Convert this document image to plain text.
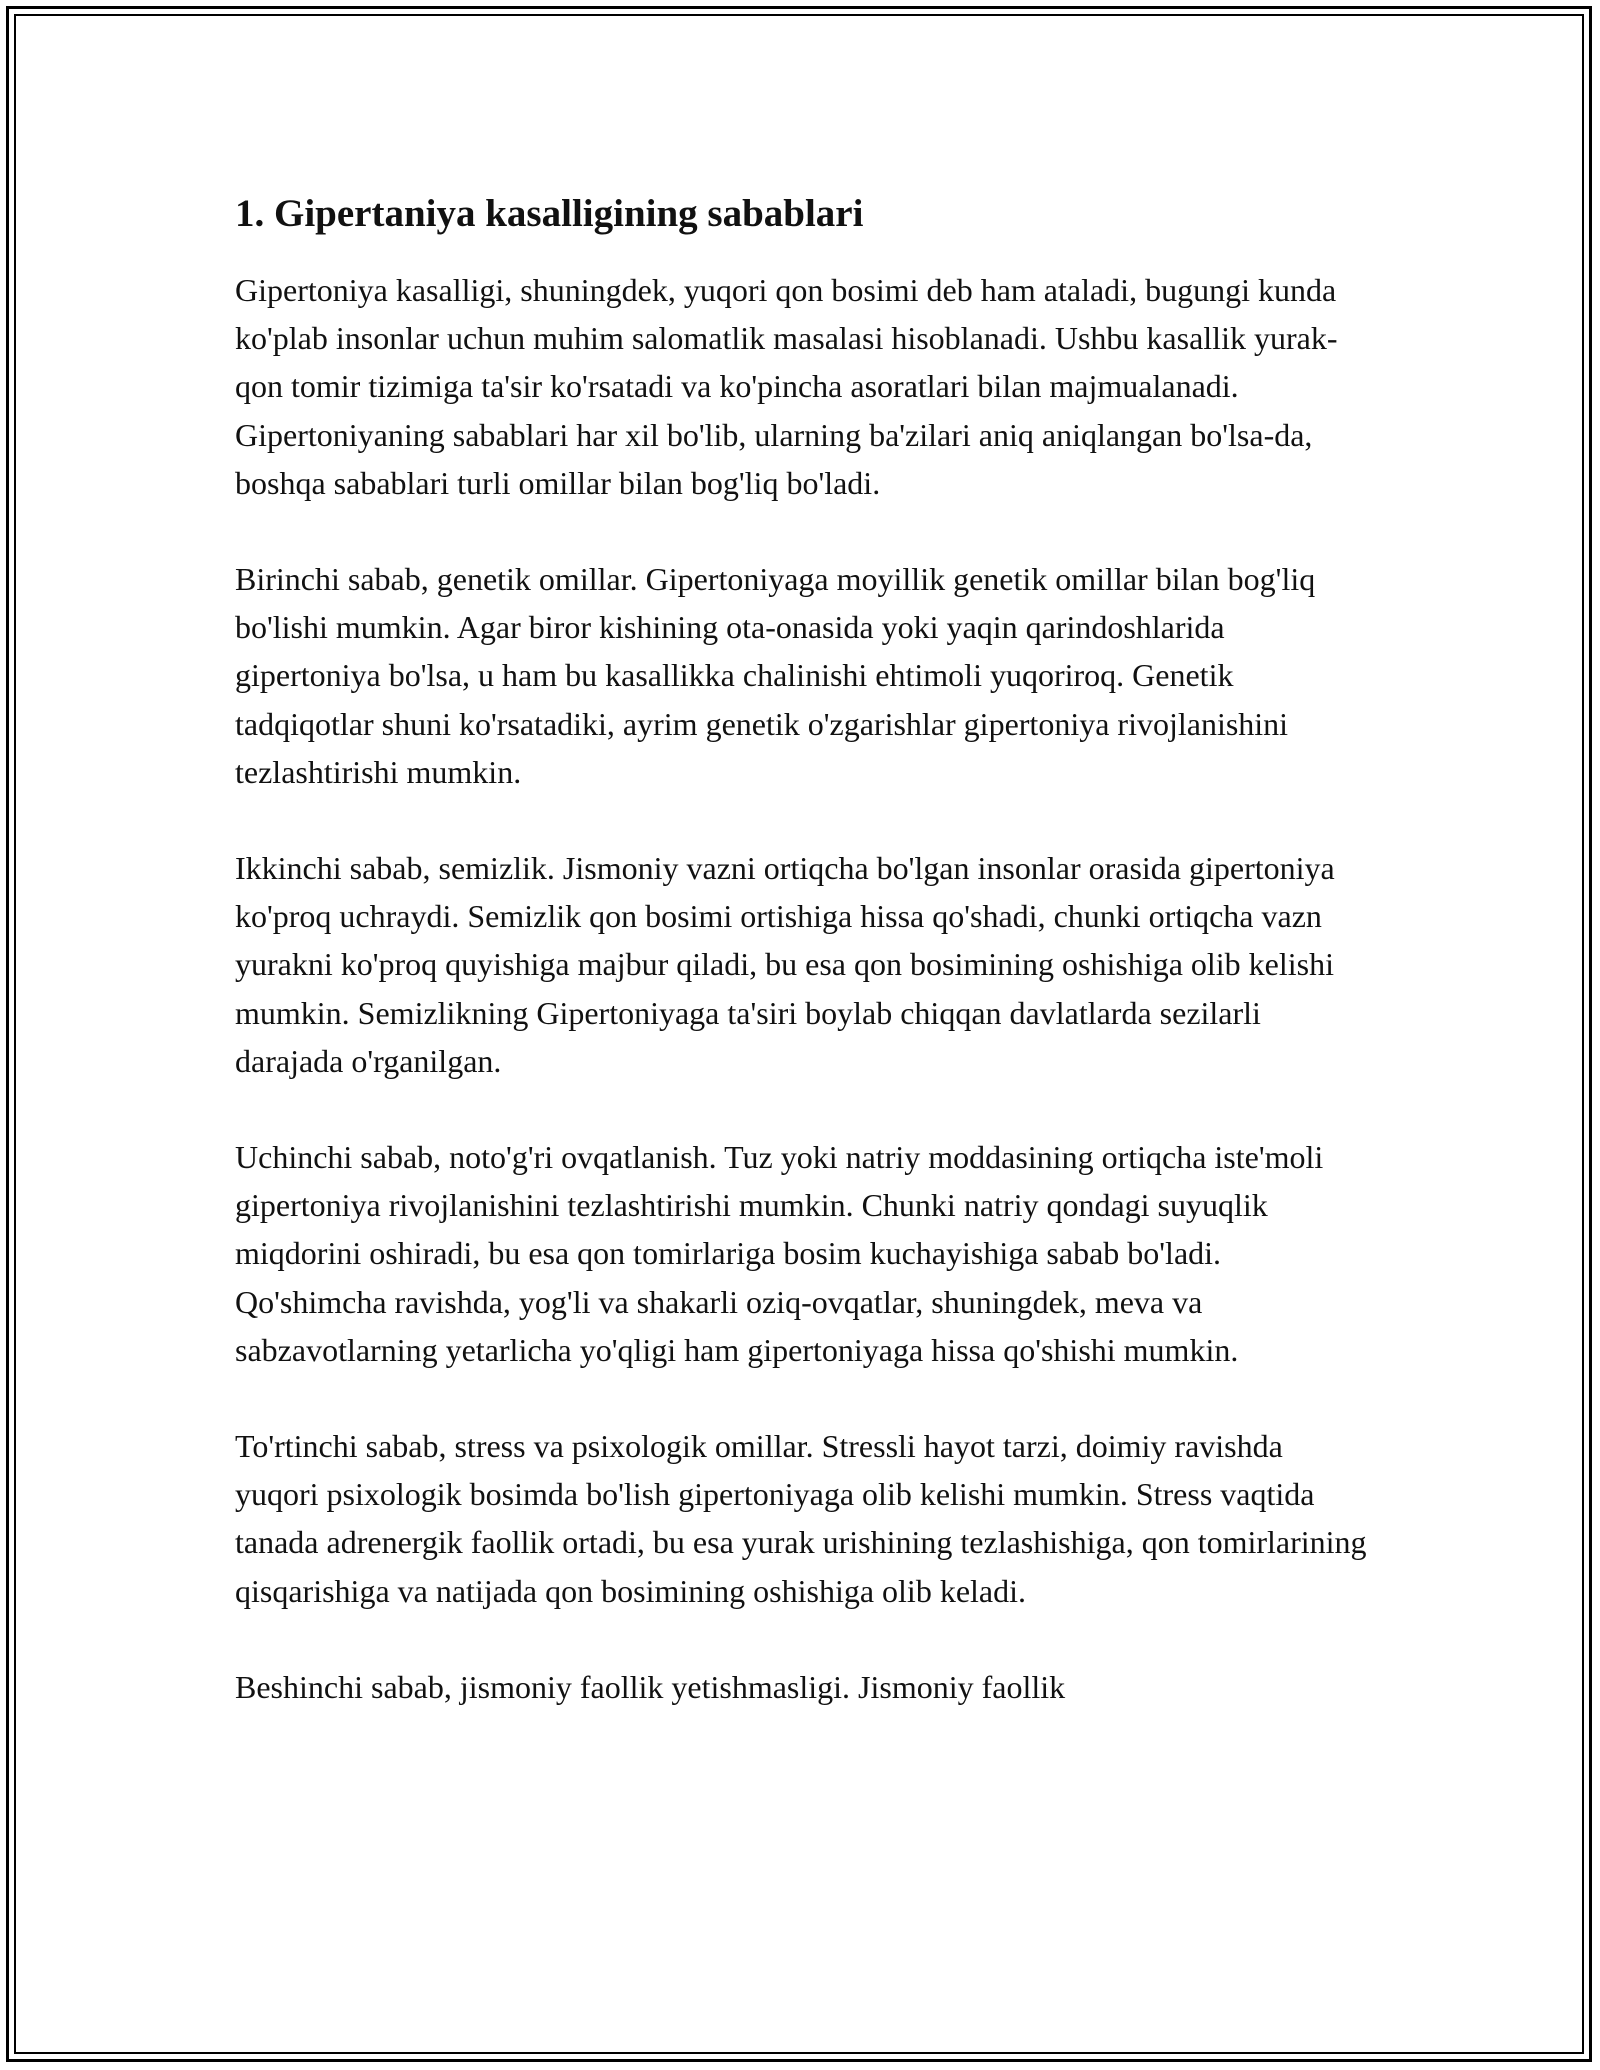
1. Gipertaniya kasalligining sabablari

Gipertoniya kasalligi, shuningdek, yuqori qon bosimi deb ham ataladi, bugungi kunda ko'plab insonlar uchun muhim salomatlik masalasi hisoblanadi. Ushbu kasallik yurak-qon tomir tizimiga ta'sir ko'rsatadi va ko'pincha asoratlari bilan majmualanadi. Gipertoniyaning sabablari har xil bo'lib, ularning ba'zilari aniq aniqlangan bo'lsa-da, boshqa sabablari turli omillar bilan bog'liq bo'ladi.

Birinchi sabab, genetik omillar. Gipertoniyaga moyillik genetik omillar bilan bog'liq bo'lishi mumkin. Agar biror kishining ota-onasida yoki yaqin qarindoshlarida gipertoniya bo'lsa, u ham bu kasallikka chalinishi ehtimoli yuqoriroq. Genetik tadqiqotlar shuni ko'rsatadiki, ayrim genetik o'zgarishlar gipertoniya rivojlanishini tezlashtirishi mumkin.

Ikkinchi sabab, semizlik. Jismoniy vazni ortiqcha bo'lgan insonlar orasida gipertoniya ko'proq uchraydi. Semizlik qon bosimi ortishiga hissa qo'shadi, chunki ortiqcha vazn yurakni ko'proq quyishiga majbur qiladi, bu esa qon bosimining oshishiga olib kelishi mumkin. Semizlikning Gipertoniyaga ta'siri boylab chiqqan davlatlarda sezilarli darajada o'rganilgan.

Uchinchi sabab, noto'g'ri ovqatlanish. Tuz yoki natriy moddasining ortiqcha iste'moli gipertoniya rivojlanishini tezlashtirishi mumkin. Chunki natriy qondagi suyuqlik miqdorini oshiradi, bu esa qon tomirlariga bosim kuchayishiga sabab bo'ladi. Qo'shimcha ravishda, yog'li va shakarli oziq-ovqatlar, shuningdek, meva va sabzavotlarning yetarlicha yo'qligi ham gipertoniyaga hissa qo'shishi mumkin.

To'rtinchi sabab, stress va psixologik omillar. Stressli hayot tarzi, doimiy ravishda yuqori psixologik bosimda bo'lish gipertoniyaga olib kelishi mumkin. Stress vaqtida tanada adrenergik faollik ortadi, bu esa yurak urishining tezlashishiga, qon tomirlarining qisqarishiga va natijada qon bosimining oshishiga olib keladi.

Beshinchi sabab, jismoniy faollik yetishmasligi. Jismoniy faollik
